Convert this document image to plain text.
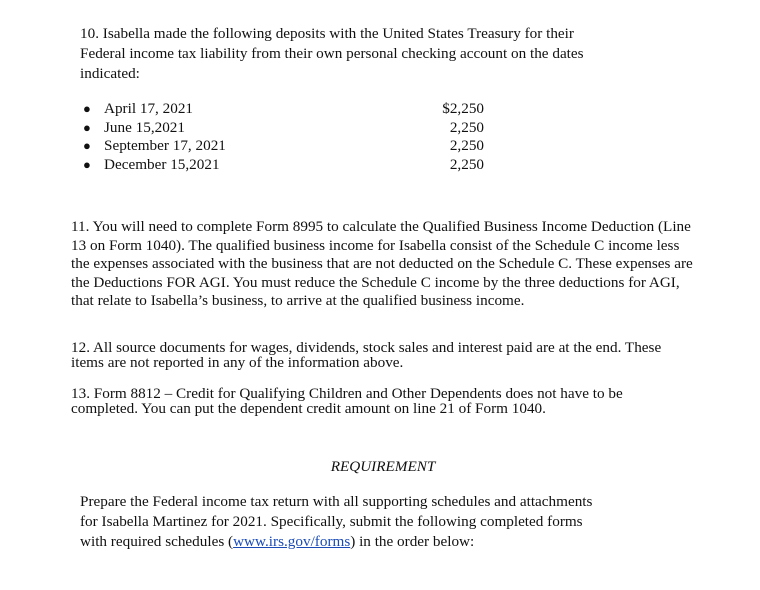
10. Isabella made the following deposits with the United States Treasury for their Federal income tax liability from their own personal checking account on the dates indicated:
● April 17, 2021	$2,250
● June 15,2021	2,250
● September 17, 2021	2,250
● December 15,2021	2,250
11. You will need to complete Form 8995 to calculate the Qualified Business Income Deduction (Line 13 on Form 1040). The qualified business income for Isabella consist of the Schedule C income less the expenses associated with the business that are not deducted on the Schedule C. These expenses are the Deductions FOR AGI. You must reduce the Schedule C income by the three deductions for AGI, that relate to Isabella’s business, to arrive at the qualified business income.
12. All source documents for wages, dividends, stock sales and interest paid are at the end. These items are not reported in any of the information above.
13. Form 8812 – Credit for Qualifying Children and Other Dependents does not have to be completed. You can put the dependent credit amount on line 21 of Form 1040.
REQUIREMENT
Prepare the Federal income tax return with all supporting schedules and attachments for Isabella Martinez for 2021. Specifically, submit the following completed forms with required schedules (www.irs.gov/forms) in the order below:
